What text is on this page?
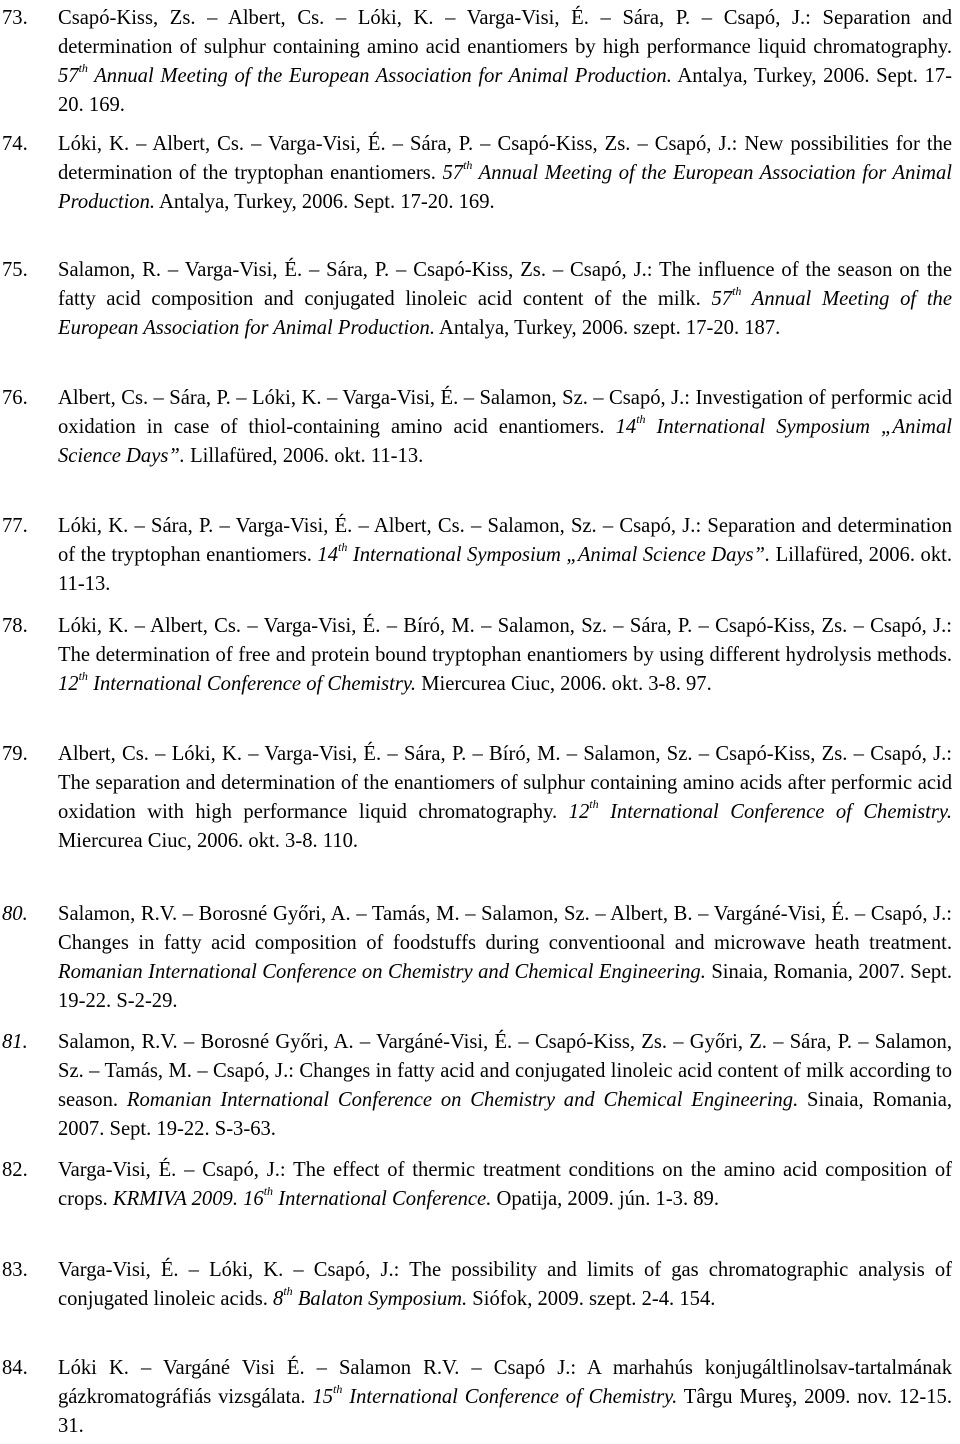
73.	Csapó-Kiss, Zs. – Albert, Cs. – Lóki, K. – Varga-Visi, É. – Sára, P. – Csapó, J.: Separation and determination of sulphur containing amino acid enantiomers by high performance liquid chromatography. 57th Annual Meeting of the European Association for Animal Production. Antalya, Turkey, 2006. Sept. 17-20. 169.
74.	Lóki, K. – Albert, Cs. – Varga-Visi, É. – Sára, P. – Csapó-Kiss, Zs. – Csapó, J.: New possibilities for the determination of the tryptophan enantiomers. 57th Annual Meeting of the European Association for Animal Production. Antalya, Turkey, 2006. Sept. 17-20. 169.
75.	Salamon, R. – Varga-Visi, É. – Sára, P. – Csapó-Kiss, Zs. – Csapó, J.: The influence of the season on the fatty acid composition and conjugated linoleic acid content of the milk. 57th Annual Meeting of the European Association for Animal Production. Antalya, Turkey, 2006. szept. 17-20. 187.
76.	Albert, Cs. – Sára, P. – Lóki, K. – Varga-Visi, É. – Salamon, Sz. – Csapó, J.: Investigation of performic acid oxidation in case of thiol-containing amino acid enantiomers. 14th International Symposium „Animal Science Days”. Lillafüred, 2006. okt. 11-13.
77.	Lóki, K. – Sára, P. – Varga-Visi, É. – Albert, Cs. – Salamon, Sz. – Csapó, J.: Separation and determination of the tryptophan enantiomers. 14th International Symposium „Animal Science Days”. Lillafüred, 2006. okt. 11-13.
78.	Lóki, K. – Albert, Cs. – Varga-Visi, É. – Bíró, M. – Salamon, Sz. – Sára, P. – Csapó-Kiss, Zs. – Csapó, J.: The determination of free and protein bound tryptophan enantiomers by using different hydrolysis methods. 12th International Conference of Chemistry. Miercurea Ciuc, 2006. okt. 3-8. 97.
79.	Albert, Cs. – Lóki, K. – Varga-Visi, É. – Sára, P. – Bíró, M. – Salamon, Sz. – Csapó-Kiss, Zs. – Csapó, J.: The separation and determination of the enantiomers of sulphur containing amino acids after performic acid oxidation with high performance liquid chromatography. 12th International Conference of Chemistry. Miercurea Ciuc, 2006. okt. 3-8. 110.
80.	Salamon, R.V. – Borosné Győri, A. – Tamás, M. – Salamon, Sz. – Albert, B. – Vargáné-Visi, É. – Csapó, J.: Changes in fatty acid composition of foodstuffs during conventioonal and microwave heath treatment. Romanian International Conference on Chemistry and Chemical Engineering. Sinaia, Romania, 2007. Sept. 19-22. S-2-29.
81.	Salamon, R.V. – Borosné Győri, A. – Vargáné-Visi, É. – Csapó-Kiss, Zs. – Győri, Z. – Sára, P. – Salamon, Sz. – Tamás, M. – Csapó, J.: Changes in fatty acid and conjugated linoleic acid content of milk according to season. Romanian International Conference on Chemistry and Chemical Engineering. Sinaia, Romania, 2007. Sept. 19-22. S-3-63.
82.	Varga-Visi, É. – Csapó, J.: The effect of thermic treatment conditions on the amino acid composition of crops. KRMIVA 2009. 16th International Conference. Opatija, 2009. jún. 1-3. 89.
83.	Varga-Visi, É. – Lóki, K. – Csapó, J.: The possibility and limits of gas chromatographic analysis of conjugated linoleic acids. 8th Balaton Symposium. Siófok, 2009. szept. 2-4. 154.
84.	Lóki K. – Vargáné Visi É. – Salamon R.V. – Csapó J.: A marhahús konjugáltlinolsav-tartalmának gázkromatográfiás vizsgálata. 15th International Conference of Chemistry. Târgu Mureş, 2009. nov. 12-15. 31.
